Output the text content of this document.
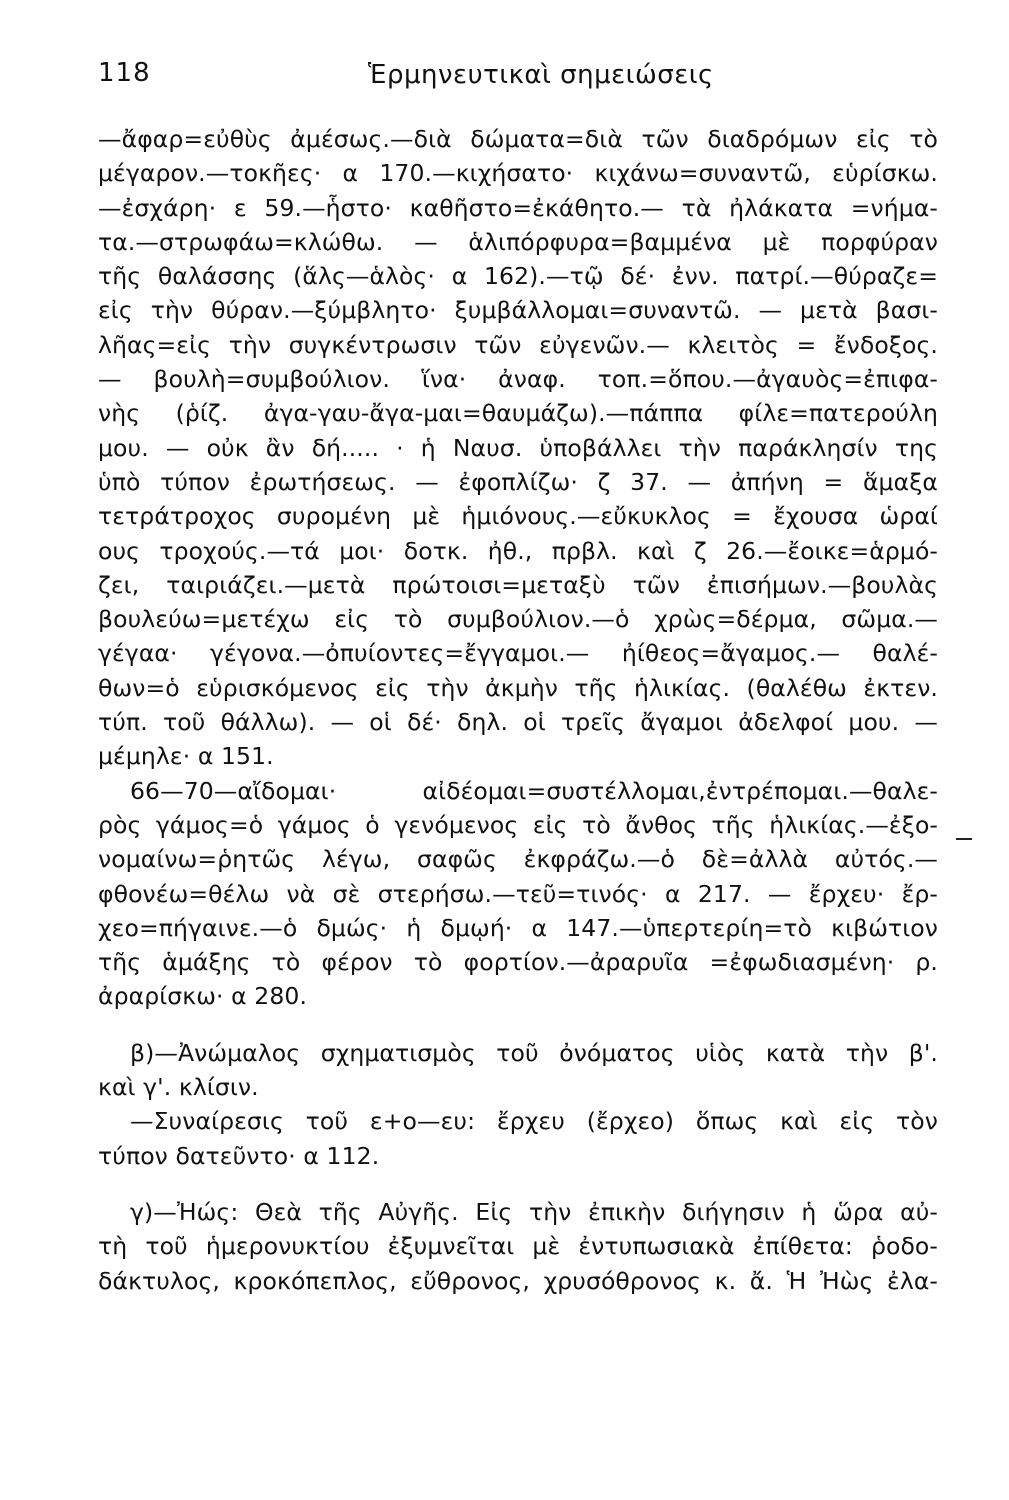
118	Ἑρμηνευτικαὶ σημειώσεις
—ἄφαρ=εὐθὺς ἀμέσως.—διὰ δώματα=διὰ τῶν διαδρόμων εἰς τὸ
μέγαρον.—τοκῆες· α 170.—κιχήσατο· κιχάνω=συναντῶ, εὑρίσκω.
—ἐσχάρη· ε 59.—ἧστο· καθῆστο=ἐκάθητο.— τὰ ἠλάκατα =νήμα-
τα.—στρωφάω=κλώθω. — ἁλιπόρφυρα=βαμμένα μὲ πορφύραν
τῆς θαλάσσης (ἅλς—ἁλὸς· α 162).—τῷ δέ· ἐνν. πατρί.—θύραζε=
εἰς τὴν θύραν.—ξύμβλητο· ξυμβάλλομαι=συναντῶ. — μετὰ βασι-
λῆας=εἰς τὴν συγκέντρωσιν τῶν εὐγενῶν.— κλειτὸς = ἔνδοξος.
— βουλὴ=συμβούλιον. ἵνα· ἀναφ. τοπ.=ὅπου.—ἀγαυὸς=ἐπιφα-
νὴς (ῥίζ. ἀγα-γαυ-ἄγα-μαι=θαυμάζω).—πάππα φίλε=πατερούλη
μου. — οὐκ ἂν δή..... · ἡ Ναυσ. ὑποβάλλει τὴν παράκλησίν της
ὑπὸ τύπον ἐρωτήσεως. — ἐφοπλίζω· ζ 37. — ἀπήνη = ἅμαξα
τετράτροχος συρομένη μὲ ἡμιόνους.—εὔκυκλος = ἔχουσα ὡραί
ους τροχούς.—τά μοι· δοτκ. ἠθ., πρβλ. καὶ ζ 26.—ἔοικε=ἁρμό-
ζει, ταιριάζει.—μετὰ πρώτοισι=μεταξὺ τῶν ἐπισήμων.—βουλὰς
βουλεύω=μετέχω εἰς τὸ συμβούλιον.—ὁ χρὼς=δέρμα, σῶμα.—
γέγαα· γέγονα.—ὀπυίοντες=ἔγγαμοι.— ἠίθεος=ἄγαμος.— θαλέ-
θων=ὁ εὑρισκόμενος εἰς τὴν ἀκμὴν τῆς ἡλικίας. (θαλέθω ἐκτεν.
τύπ. τοῦ θάλλω). — οἱ δέ· δηλ. οἱ τρεῖς ἄγαμοι ἀδελφοί μου. —
μέμηλε· α 151.
66—70—αἴδομαι· αἰδέομαι=συστέλλομαι,ἐντρέπομαι.—θαλε-
ρὸς γάμος=ὁ γάμος ὁ γενόμενος εἰς τὸ ἄνθος τῆς ἡλικίας.—ἐξο-
νομαίνω=ῥητῶς λέγω, σαφῶς ἐκφράζω.—ὁ δὲ=ἀλλὰ αὐτός.—
φθονέω=θέλω νὰ σὲ στερήσω.—τεῦ=τινός· α 217. — ἔρχευ· ἔρ-
χεο=πήγαινε.—ὁ δμώς· ἡ δμῳή· α 147.—ὑπερτερίη=τὸ κιβώτιον
τῆς ἁμάξης τὸ φέρον τὸ φορτίον.—ἀραρυῖα =ἐφωδιασμένη· ρ.
ἀραρίσκω· α 280.
β)—Ἀνώμαλος σχηματισμὸς τοῦ ὀνόματος υἱὸς κατὰ τὴν β'.
καὶ γ'. κλίσιν.
—Συναίρεσις τοῦ ε+ο—ευ: ἔρχευ (ἔρχεο) ὅπως καὶ εἰς τὸν
τύπον δατεῦντο· α 112.
γ)—Ἠώς: Θεὰ τῆς Αὐγῆς. Εἰς τὴν ἐπικὴν διήγησιν ἡ ὥρα αὐ-
τὴ τοῦ ἡμερονυκτίου ἐξυμνεῖται μὲ ἐντυπωσιακὰ ἐπίθετα: ῥοδο-
δάκτυλος, κροκόπεπλος, εὔθρονος, χρυσόθρονος κ. ἄ. Ἡ Ἠὼς ἐλα-
